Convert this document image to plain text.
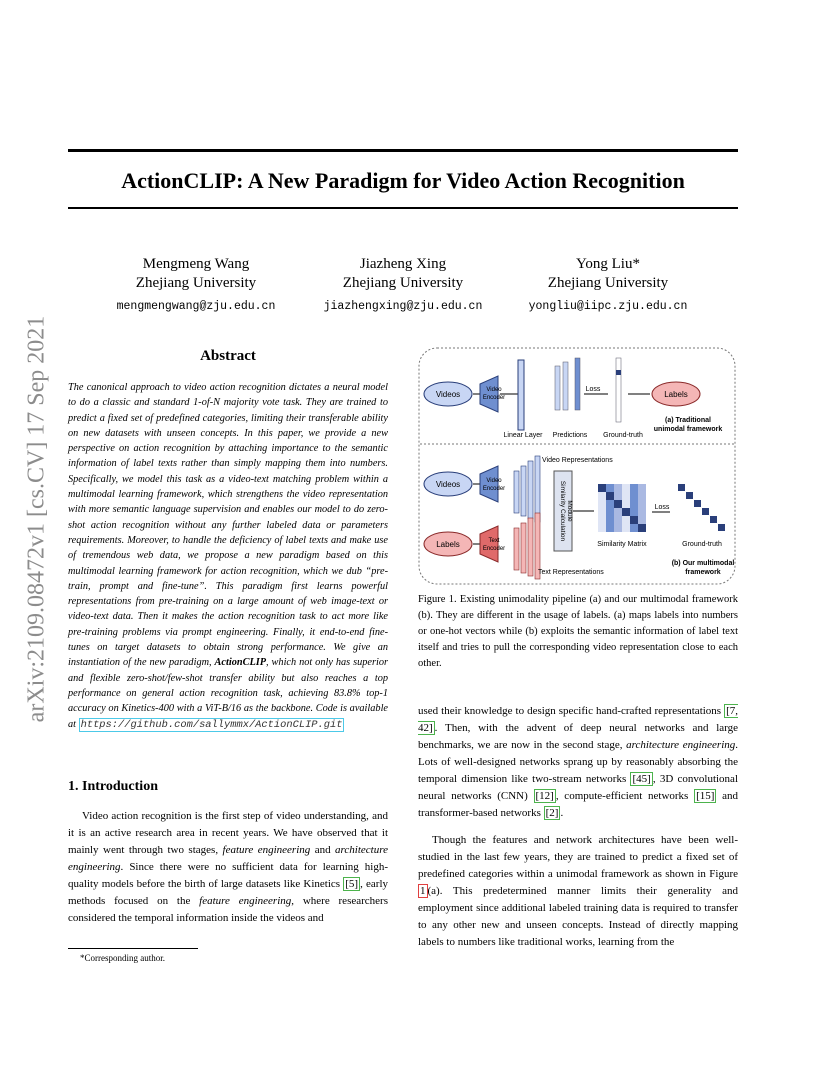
ActionCLIP: A New Paradigm for Video Action Recognition
Mengmeng Wang
Zhejiang University
mengmengwang@zju.edu.cn
Jiazheng Xing
Zhejiang University
jiazhengxing@zju.edu.cn
Yong Liu*
Zhejiang University
yongliu@iipc.zju.edu.cn
arXiv:2109.08472v1 [cs.CV] 17 Sep 2021	Abstract
The canonical approach to video action recognition dictates a neural model to do a classic and standard 1-of-N majority vote task. They are trained to predict a fixed set of predefined categories, limiting their transferable ability on new datasets with unseen concepts. In this paper, we provide a new perspective on action recognition by attaching importance to the semantic information of label texts rather than simply mapping them into numbers. Specifically, we model this task as a video-text matching problem within a multimodal learning framework, which strengthens the video representation with more semantic language supervision and enables our model to do zero-shot action recognition without any further labeled data or parameters requirements. Moreover, to handle the deficiency of label texts and make use of tremendous web data, we propose a new paradigm based on this multimodal learning framework for action recognition, which we dub “pre-train, prompt and fine-tune”. This paradigm first learns powerful representations from pre-training on a large amount of web image-text or video-text data. Then it makes the action recognition task to act more like pre-training problems via prompt engineering. Finally, it end-to-end fine-tunes on target datasets to obtain strong performance. We give an instantiation of the new paradigm, ActionCLIP, which not only has superior and flexible zero-shot/few-shot transfer ability but also reaches a top performance on general action recognition task, achieving 83.8% top-1 accuracy on Kinetics-400 with a ViT-B/16 as the backbone. Code is available at https://github.com/sallymmx/ActionCLIP.git
1. Introduction
Video action recognition is the first step of video understanding, and it is an active research area in recent years. We have observed that it mainly went through two stages, feature engineering and architecture engineering. Since there were no sufficient data for learning high-quality models before the birth of large datasets like Kinetics [5] , early methods focused on the feature engineering, where researchers considered the temporal information inside the videos and
*Corresponding author.
Videos	Video
Encoder
Linear Layer Predictions
Loss
Ground-truth
Labels
(a) Traditional
unimodal framework
Videos	Video
Encoder
Video Representations
Labels	Text
Encoder
Text Representations
Similarity Calculation Module
Similarity Matrix
Loss
Ground-truth
(b) Our multimodal
framework
Figure 1. Existing unimodality pipeline (a) and our multimodal framework (b). They are different in the usage of labels. (a) maps labels into numbers or one-hot vectors while (b) exploits the semantic information of label text itself and tries to pull the corresponding video representation close to each other.

used their knowledge to design specific hand-crafted representations [7, 42] . Then, with the advent of deep neural networks and large benchmarks, we are now in the second stage, architecture engineering. Lots of well-designed networks sprang up by reasonably absorbing the temporal dimension like two-stream networks [45] , 3D convolutional neural networks (CNN) [12] , compute-efficient networks [15] and transformer-based networks [2] .

Though the features and network architectures have been well-studied in the last few years, they are trained to predict a fixed set of predefined categories within a unimodal framework as shown in Figure 1 (a). This predetermined manner limits their generality and employment since additional labeled training data is required to transfer to any other new and unseen concepts. Instead of directly mapping labels to numbers like traditional works, learning from the
